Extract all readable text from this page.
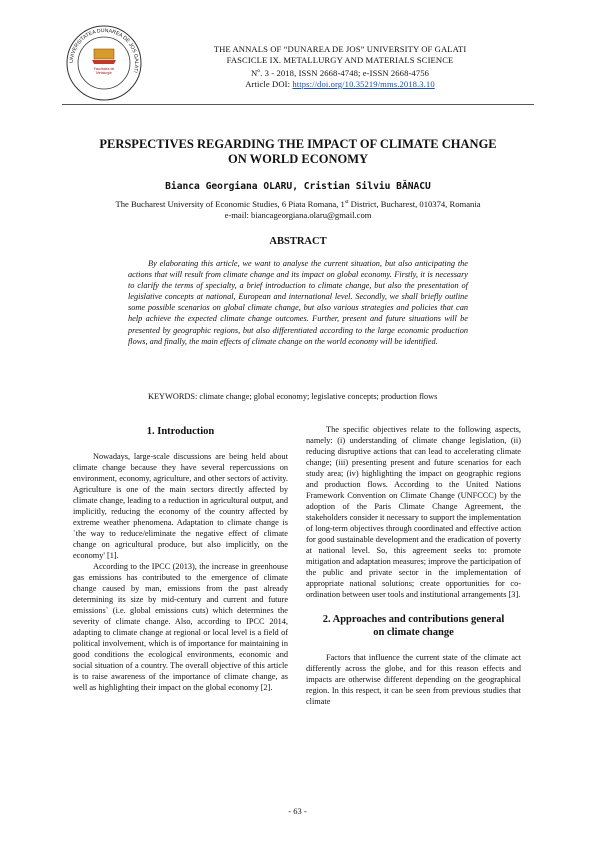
UNIVERSITATEA DUNAREA DE JOS GALATI
Facultatea de
Metalurgie
THE ANNALS OF “DUNAREA DE JOS” UNIVERSITY OF GALATI
FASCICLE IX. METALLURGY AND MATERIALS SCIENCE
$N^o$. 3 - 2018, ISSN 2668-4748; e-ISSN 2668-4756
Article DOI: https://doi.org/10.35219/mms.2018.3.10
PERSPECTIVES REGARDING THE IMPACT OF CLIMATE CHANGE
ON WORLD ECONOMY
Bianca Georgiana OLARU, Cristian Silviu BĂNACU
The Bucharest University of Economic Studies, 6 Piata Romana, 1st District, Bucharest, 010374, Romania
e-mail: biancageorgiana.olaru@gmail.com
ABSTRACT

By elaborating this article, we want to analyse the current situation, but also anticipating the actions that will result from climate change and its impact on global economy. Firstly, it is necessary to clarify the terms of specialty, a brief introduction to climate change, but also the presentation of legislative concepts at national, European and international level. Secondly, we shall briefly outline some possible scenarios on global climate change, but also various strategies and policies that can help achieve the expected climate change outcomes. Further, present and future situations will be presented by geographic regions, but also differentiated according to the large economic production flows, and finally, the main effects of climate change on the world economy will be identified.

KEYWORDS: climate change; global economy; legislative concepts; production flows

1. Introduction

Nowadays, large-scale discussions are being held about climate change because they have several repercussions on environment, economy, agriculture, and other sectors of activity. Agriculture is one of the main sectors directly affected by climate change, leading to a reduction in agricultural output, and implicitly, reducing the economy of the country affected by extreme weather phenomena. Adaptation to climate change is `the way to reduce/eliminate the negative effect of climate change on agricultural produce, but also implicitly, on the economy' [1].

According to the IPCC (2013), the increase in greenhouse gas emissions has contributed to the emergence of climate change caused by man, emissions from the past already determining its size by mid-century and current and future emissions` (i.e. global emissions cuts) which determines the severity of climate change. Also, according to IPCC 2014, adapting to climate change at regional or local level is a field of political involvement, which is of importance for maintaining in good conditions the ecological environments, economic and social situation of a country. The overall objective of this article is to raise awareness of the importance of climate change, as well as highlighting their impact on the global economy [2].

The specific objectives relate to the following aspects, namely: (i) understanding of climate change legislation, (ii) reducing disruptive actions that can lead to accelerating climate change; (iii) presenting present and future scenarios for each study area; (iv) highlighting the impact on geographic regions and production flows. According to the United Nations Framework Convention on Climate Change (UNFCCC) by the adoption of the Paris Climate Change Agreement, the stakeholders consider it necessary to support the implementation of long-term objectives through coordinated and effective action for good sustainable development and the eradication of poverty at national level. So, this agreement seeks to: promote mitigation and adaptation measures; improve the participation of the public and private sector in the implementation of appropriate national solutions; create opportunities for co-ordination between user tools and institutional arrangements [3].

2. Approaches and contributions general
on climate change

Factors that influence the current state of the climate act differently across the globe, and for this reason effects and impacts are otherwise different depending on the geographical region. In this respect, it can be seen from previous studies that climate

- 63 -
